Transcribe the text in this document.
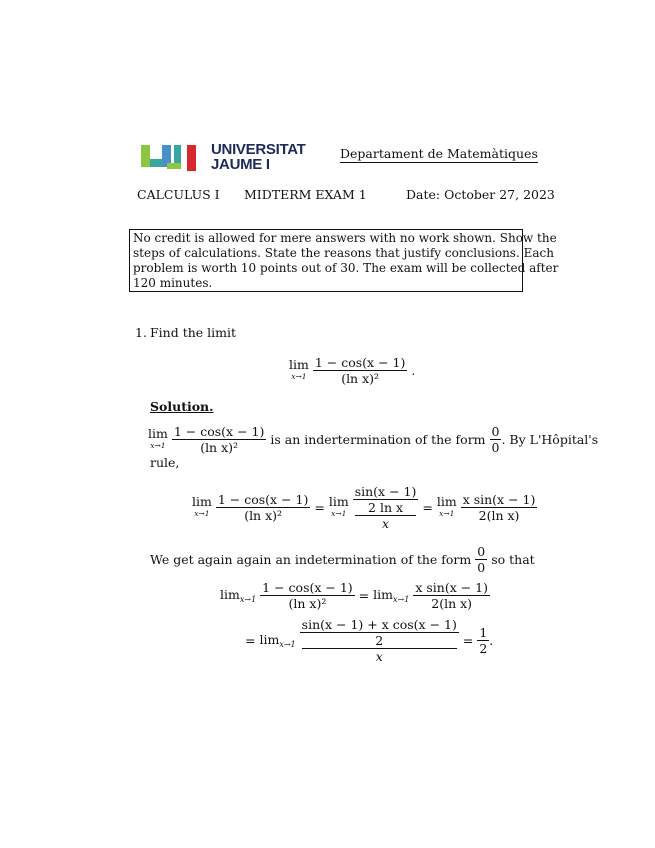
UNIVERSITAT
JAUME I
Departament de Matemàtiques
CALCULUS I MIDTERM EXAM 1	Date: October 27, 2023
No credit is allowed for mere answers with no work shown. Show the
steps of calculations. State the reasons that justify conclusions. Each
problem is worth 10 points out of 30. The exam will be collected after
120 minutes.
1. Find the limit
lim
$x\to 1 \frac{1 - \cos(x - 1)}{\text{(ln x)²}}$ .
Solution.
lim
$x\to 1 \frac{1 - \cos(x - 1)}{\text{(ln x)²}}$ is an indertermination of the form $\frac{0}{0}$ . By L'Hôpital's
rule,
lim
$x\to 1 \frac{1 - \cos(x - 1)}{\text{(ln x)²}} = \lim$
x→1 sin(x − 1)
2 ln x
x = lim
$x\to 1 \frac{\text{x sin(x − 1)}}{\text{2(ln x)}}$
We get again again an indetermination of the form $\frac{0}{0}$ so that
$\lim_{x\to 1} \frac{1 - \cos(x - 1)}{\text{(ln x)²}} = \lim_{x\to 1} \frac{\text{x sin(x − 1)}}{\text{2(ln x)}}$
= $\lim_{x\to 1} \sin(x - 1) + x$ cos(x − 1)
2
$x = \frac{1}{2}$ .
